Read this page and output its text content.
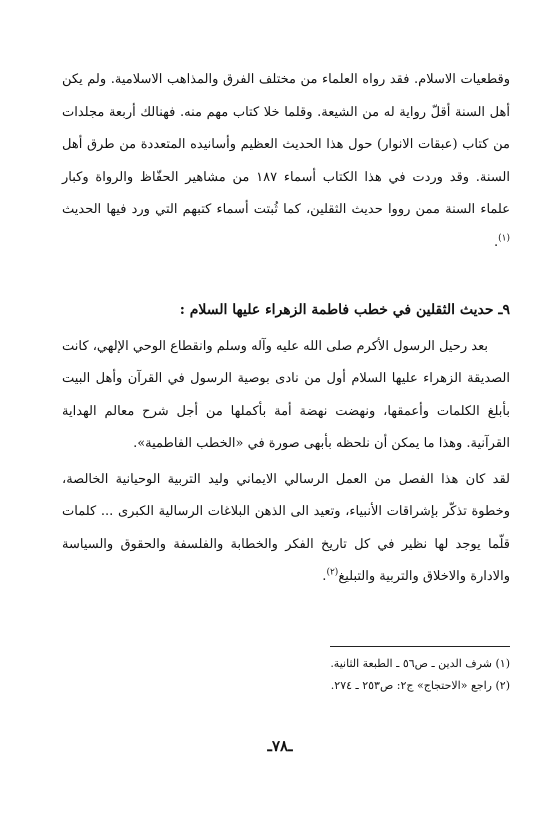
وقطعيات الاسلام. فقد رواه العلماء من مختلف الفرق والمذاهب الاسلامية. ولم يكن أهل السنة أقلّ رواية له من الشيعة. وقلما خلا كتاب مهم منه. فهنالك أربعة مجلدات من كتاب (عبقات الانوار) حول هذا الحديث العظيم وأسانيده المتعددة من طرق أهل السنة. وقد وردت في هذا الكتاب أسماء ١٨٧ من مشاهير الحفّاظ والرواة وكبار علماء السنة ممن رووا حديث الثقلين، كما ثُبتت أسماء كتبهم التي ورد فيها الحديث $^{(١)}$.

٩ـ حديث الثقلين في خطب فاطمة الزهراء عليها السلام :

بعد رحيل الرسول الأكرم صلى الله عليه وآله وسلم وانقطاع الوحي الإلهي، كانت الصديقة الزهراء عليها السلام أول من نادى بوصية الرسول في القرآن وأهل البيت بأبلغ الكلمات وأعمقها، ونهضت نهضة أمة بأكملها من أجل شرح معالم الهداية القرآنية. وهذا ما يمكن أن نلحظه بأبهى صورة في «الخطب الفاطمية».

لقد كان هذا الفصل من العمل الرسالي الايماني وليد التربية الوحيانية الخالصة، وخطوة تذكّر بإشراقات الأنبياء، وتعيد الى الذهن البلاغات الرسالية الكبرى ... كلمات قلّما يوجد لها نظير في كل تاريخ الفكر والخطابة والفلسفة والحقوق والسياسة والادارة والاخلاق والتربية والتبليغ$^{(٢)}$.

(١) شرف الدين ـ ص٥٦ ـ الطبعة الثانية.

(٢) راجع «الاحتجاج» ج٢: ص٢٥٣ ـ ٢٧٤.

ـ٧٨ـ
